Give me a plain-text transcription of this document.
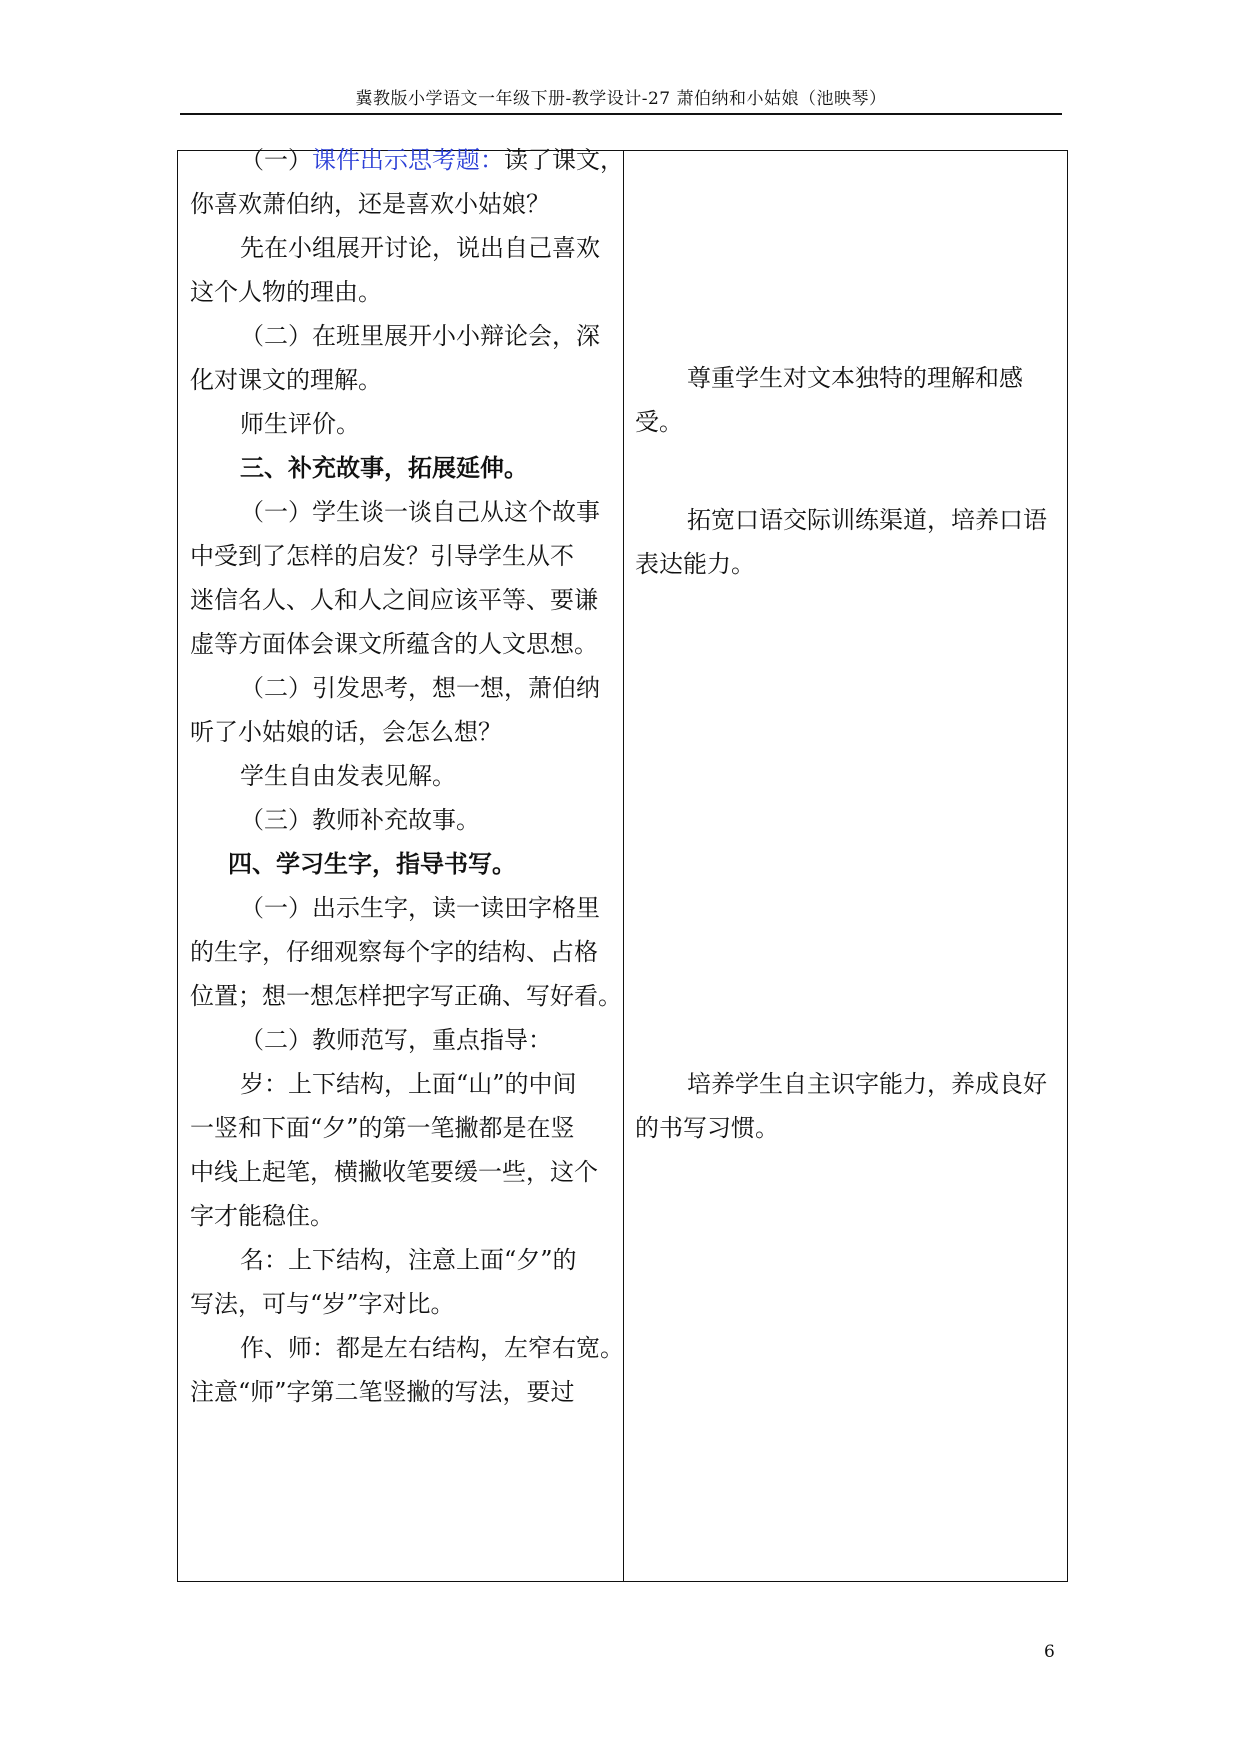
冀教版小学语文一年级下册-教学设计-27 萧伯纳和小姑娘（池映琴）
（一）课件出示思考题：读了课文，
你喜欢萧伯纳，还是喜欢小姑娘？
先在小组展开讨论，说出自己喜欢
这个人物的理由。
（二）在班里展开小小辩论会，深
化对课文的理解。
师生评价。
三、补充故事，拓展延伸。
（一）学生谈一谈自己从这个故事
中受到了怎样的启发？引导学生从不
迷信名人、人和人之间应该平等、要谦
虚等方面体会课文所蕴含的人文思想。
（二）引发思考，想一想，萧伯纳
听了小姑娘的话，会怎么想？
学生自由发表见解。
（三）教师补充故事。
四、学习生字，指导书写。
（一）出示生字，读一读田字格里
的生字，仔细观察每个字的结构、占格
位置；想一想怎样把字写正确、写好看。
（二）教师范写，重点指导：
岁：上下结构，上面“山”的中间
一竖和下面“夕”的第一笔撇都是在竖
中线上起笔，横撇收笔要缓一些，这个
字才能稳住。
名：上下结构，注意上面“夕”的
写法，可与“岁”字对比。
作、师：都是左右结构，左窄右宽。
注意“师”字第二笔竖撇的写法，要过
尊重学生对文本独特的理解和感
受。
拓宽口语交际训练渠道，培养口语
表达能力。
培养学生自主识字能力，养成良好
的书写习惯。
6
